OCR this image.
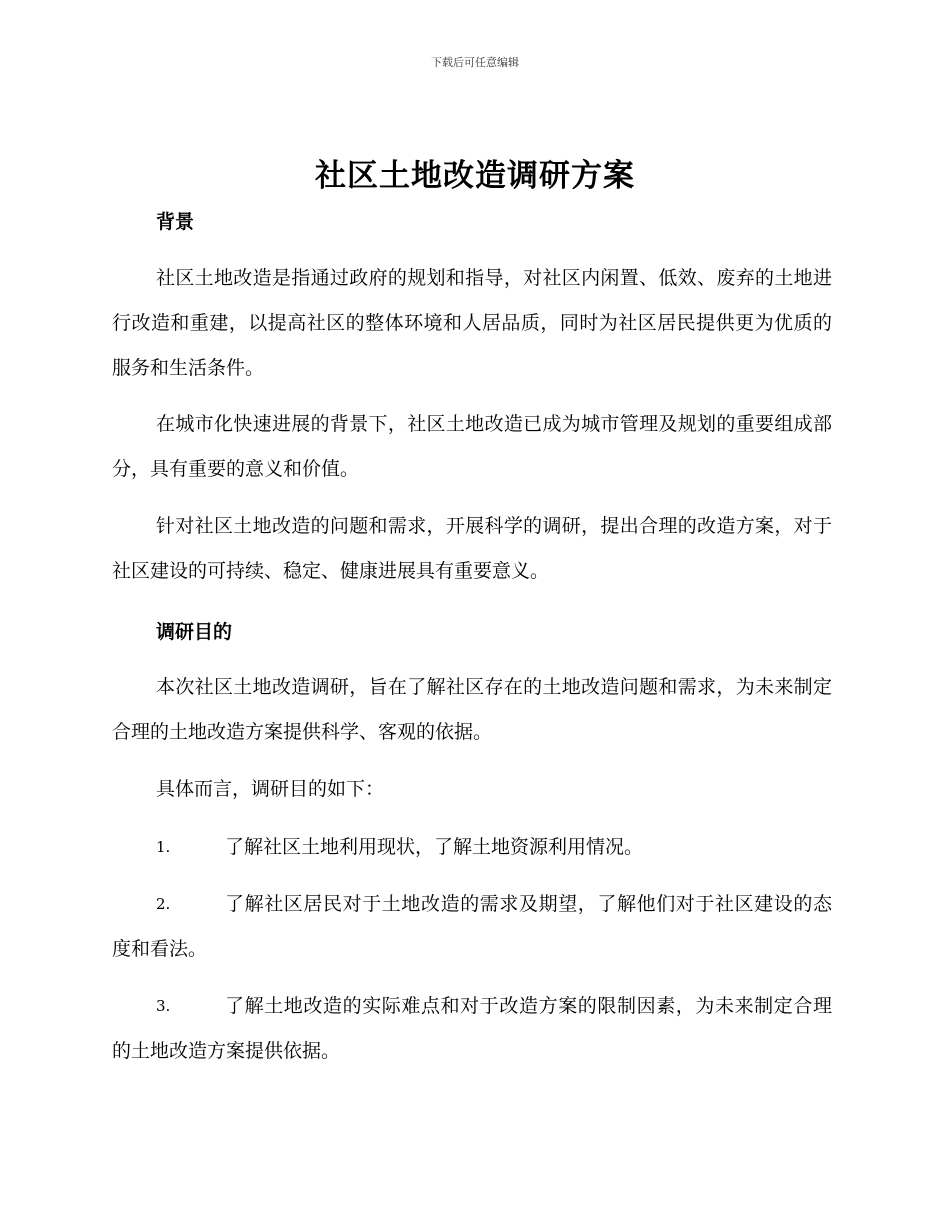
下载后可任意编辑
社区土地改造调研方案
背景

社区土地改造是指通过政府的规划和指导，对社区内闲置、低效、废弃的土地进行改造和重建，以提高社区的整体环境和人居品质，同时为社区居民提供更为优质的服务和生活条件。

在城市化快速进展的背景下，社区土地改造已成为城市管理及规划的重要组成部分，具有重要的意义和价值。

针对社区土地改造的问题和需求，开展科学的调研，提出合理的改造方案，对于社区建设的可持续、稳定、健康进展具有重要意义。

调研目的

本次社区土地改造调研，旨在了解社区存在的土地改造问题和需求，为未来制定合理的土地改造方案提供科学、客观的依据。

具体而言，调研目的如下：

1.	了解社区土地利用现状，了解土地资源利用情况。
2.	了解社区居民对于土地改造的需求及期望，了解他们对于社区建设的态度和看法。
3.	了解土地改造的实际难点和对于改造方案的限制因素，为未来制定合理的土地改造方案提供依据。
